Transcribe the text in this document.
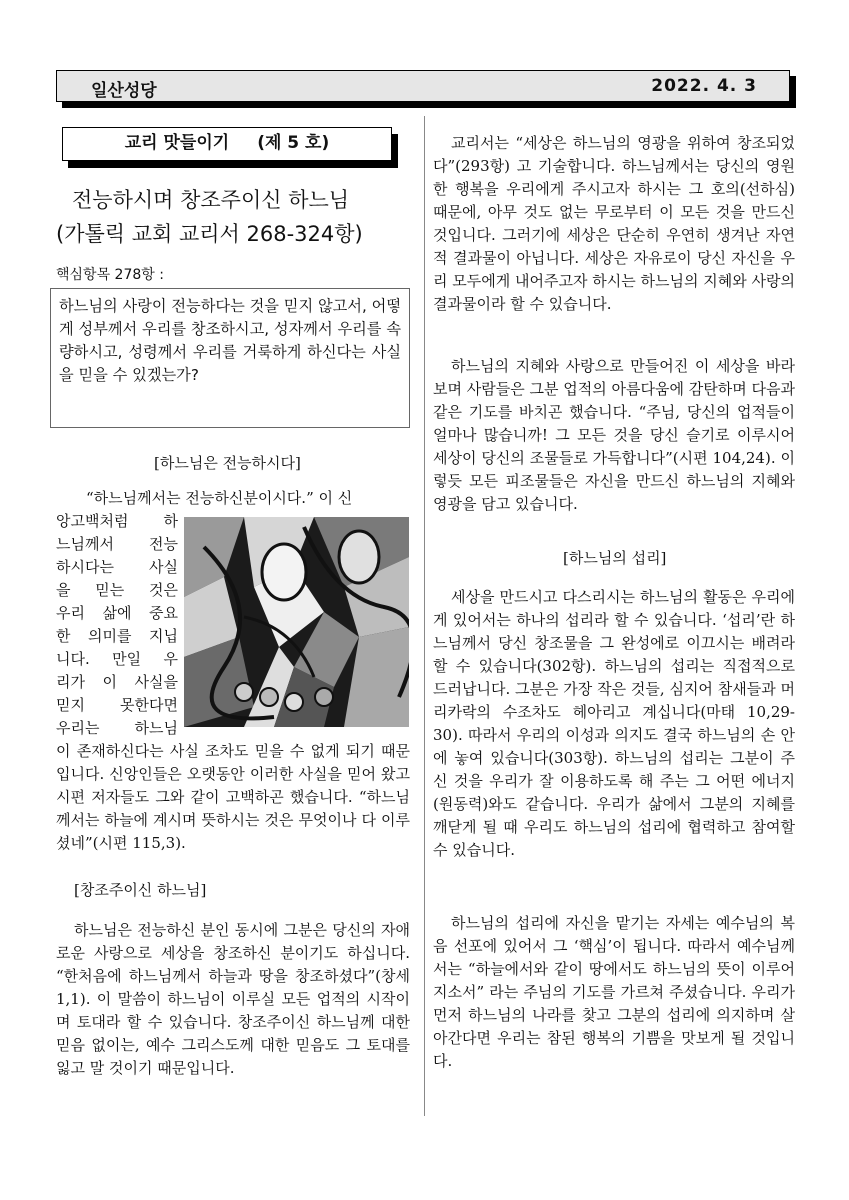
일산성당	2022. 4. 3
교리 맛들이기 (제 5 호)
전능하시며 창조주이신 하느님
(가톨릭 교회 교리서 268-324항)
핵심항목 278항 :
하느님의 사랑이 전능하다는 것을 믿지 않고서, 어떻게 성부께서 우리를 창조하시고, 성자께서 우리를 속량하시고, 성령께서 우리를 거룩하게 하신다는 사실을 믿을 수 있겠는가?
[하느님은 전능하시다]
“하느님께서는 전능하신분이시다.” 이 신
앙고백처럼 하
느님께서 전능
하시다는 사실
을 믿는 것은
우리 삶에 중요
한 의미를 지닙
니다. 만일 우
리가 이 사실을
믿지 못한다면
우리는 하느님
이 존재하신다는 사실 조차도 믿을 수 없게 되기 때문입니다. 신앙인들은 오랫동안 이러한 사실을 믿어 왔고 시편 저자들도 그와 같이 고백하곤 했습니다. “하느님께서는 하늘에 계시며 뜻하시는 것은 무엇이나 다 이루셨네”(시편 115,3).
[창조주이신 하느님]
하느님은 전능하신 분인 동시에 그분은 당신의 자애로운 사랑으로 세상을 창조하신 분이기도 하십니다. “한처음에 하느님께서 하늘과 땅을 창조하셨다”(창세 1,1). 이 말씀이 하느님이 이루실 모든 업적의 시작이며 토대라 할 수 있습니다. 창조주이신 하느님께 대한 믿음 없이는, 예수 그리스도께 대한 믿음도 그 토대를 잃고 말 것이기 때문입니다.
교리서는 “세상은 하느님의 영광을 위하여 창조되었다”(293항) 고 기술합니다. 하느님께서는 당신의 영원한 행복을 우리에게 주시고자 하시는 그 호의(선하심) 때문에, 아무 것도 없는 무로부터 이 모든 것을 만드신 것입니다. 그러기에 세상은 단순히 우연히 생겨난 자연적 결과물이 아닙니다. 세상은 자유로이 당신 자신을 우리 모두에게 내어주고자 하시는 하느님의 지혜와 사랑의 결과물이라 할 수 있습니다.
하느님의 지혜와 사랑으로 만들어진 이 세상을 바라보며 사람들은 그분 업적의 아름다움에 감탄하며 다음과 같은 기도를 바치곤 했습니다. “주님, 당신의 업적들이 얼마나 많습니까! 그 모든 것을 당신 슬기로 이루시어 세상이 당신의 조물들로 가득합니다”(시편 104,24). 이렇듯 모든 피조물들은 자신을 만드신 하느님의 지혜와 영광을 담고 있습니다.
[하느님의 섭리]
세상을 만드시고 다스리시는 하느님의 활동은 우리에게 있어서는 하나의 섭리라 할 수 있습니다. ‘섭리’란 하느님께서 당신 창조물을 그 완성에로 이끄시는 배려라 할 수 있습니다(302항). 하느님의 섭리는 직접적으로 드러납니다. 그분은 가장 작은 것들, 심지어 참새들과 머리카락의 수조차도 헤아리고 계십니다(마태 10,29-30). 따라서 우리의 이성과 의지도 결국 하느님의 손 안에 놓여 있습니다(303항). 하느님의 섭리는 그분이 주신 것을 우리가 잘 이용하도록 해 주는 그 어떤 에너지(원동력)와도 같습니다. 우리가 삶에서 그분의 지혜를 깨닫게 될 때 우리도 하느님의 섭리에 협력하고 참여할 수 있습니다.
하느님의 섭리에 자신을 맡기는 자세는 예수님의 복음 선포에 있어서 그 ‘핵심’이 됩니다. 따라서 예수님께서는 “하늘에서와 같이 땅에서도 하느님의 뜻이 이루어지소서” 라는 주님의 기도를 가르쳐 주셨습니다. 우리가 먼저 하느님의 나라를 찾고 그분의 섭리에 의지하며 살아간다면 우리는 참된 행복의 기쁨을 맛보게 될 것입니다.
